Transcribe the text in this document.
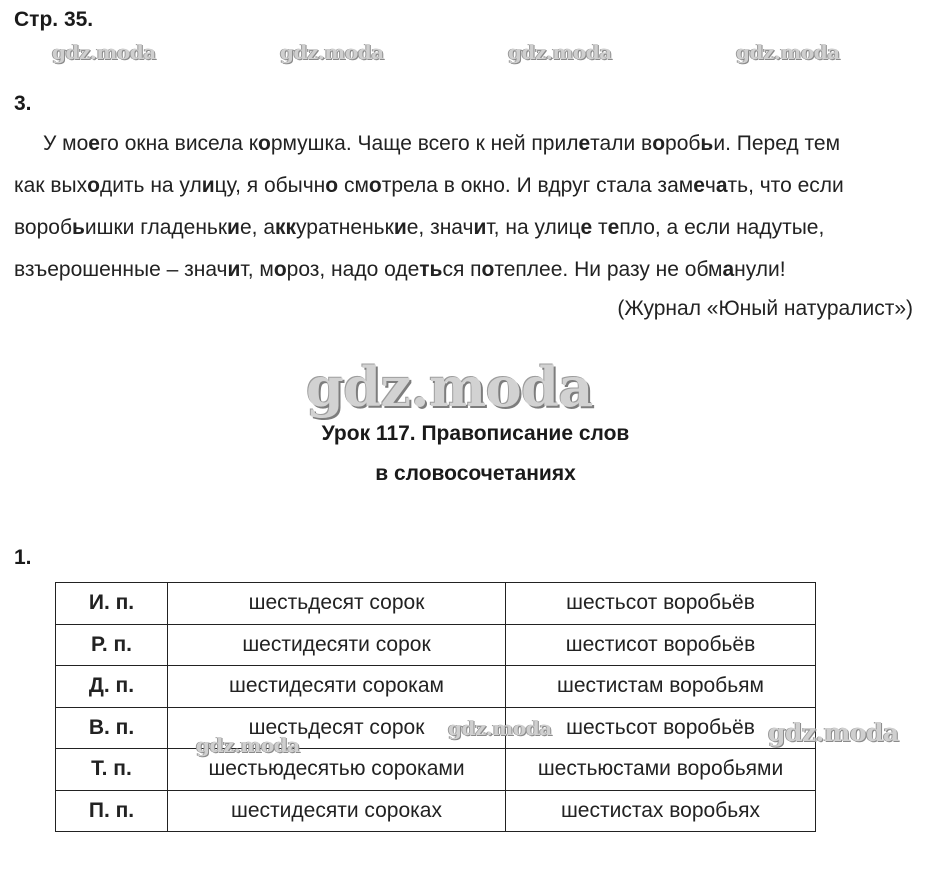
Стр. 35.
gdz.moda	gdz.moda	gdz.moda	gdz.moda
3.
У моего окна висела кормушка. Чаще всего к ней прилетали воробьи. Перед тем
как выходить на улицу, я обычно смотрела в окно. И вдруг стала замечать, что если
воробьишки гладенькие, аккуратненькие, значит, на улице тепло, а если надутые,
взъерошенные – значит, мороз, надо одеться потеплее. Ни разу не обманули!
(Журнал «Юный натуралист»)
gdz.moda
Урок 117. Правописание слов
в словосочетаниях
1.
И. п.	шестьдесят сорок	шестьсот воробьёв
Р. п.	шестидесяти сорок	шестисот воробьёв
Д. п.	шестидесяти сорокам	шестистам воробьям
В. п.	шестьдесят сорок	шестьсот воробьёв
Т. п.	шестьюдесятью сороками	шестьюстами воробьями
П. п.	шестидесяти сороках	шестистах воробьях
gdz.moda
gdz.moda	gdz.moda
